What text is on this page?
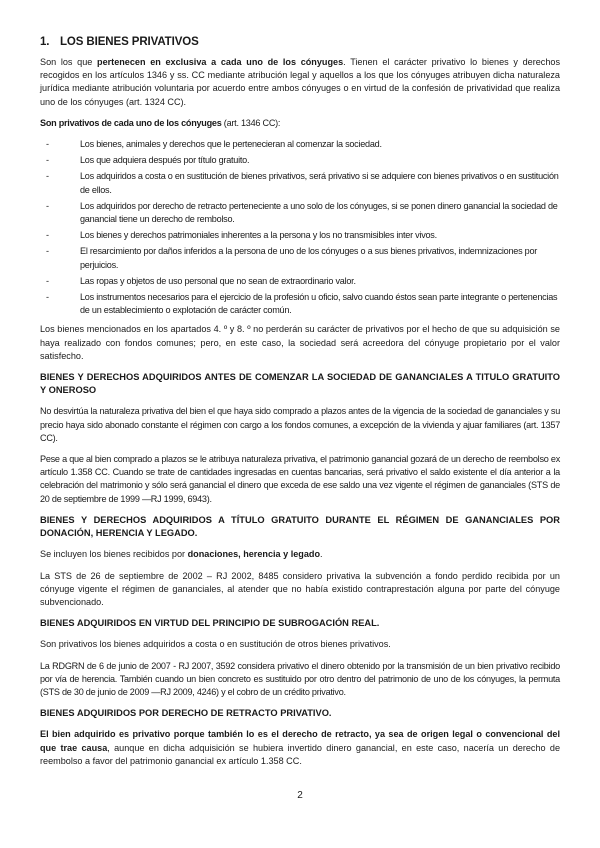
1. LOS BIENES PRIVATIVOS

Son los que pertenecen en exclusiva a cada uno de los cónyuges. Tienen el carácter privativo lo bienes y derechos recogidos en los artículos 1346 y ss. CC mediante atribución legal y aquellos a los que los cónyuges atribuyen dicha naturaleza jurídica mediante atribución voluntaria por acuerdo entre ambos cónyuges o en virtud de la confesión de privatividad que realiza uno de los cónyuges (art. 1324 CC).

Son privativos de cada uno de los cónyuges (art. 1346 CC):

-	Los bienes, animales y derechos que le pertenecieran al comenzar la sociedad.
-	Los que adquiera después por título gratuito.
-	Los adquiridos a costa o en sustitución de bienes privativos, será privativo si se adquiere con bienes privativos o en sustitución de ellos.
-	Los adquiridos por derecho de retracto perteneciente a uno solo de los cónyuges, si se ponen dinero ganancial la sociedad de ganancial tiene un derecho de rembolso.
-	Los bienes y derechos patrimoniales inherentes a la persona y los no transmisibles inter vivos.
-	El resarcimiento por daños inferidos a la persona de uno de los cónyuges o a sus bienes privativos, indemnizaciones por perjuicios.
-	Las ropas y objetos de uso personal que no sean de extraordinario valor.
-	Los instrumentos necesarios para el ejercicio de la profesión u oficio, salvo cuando éstos sean parte integrante o pertenencias de un establecimiento o explotación de carácter común.

Los bienes mencionados en los apartados 4. º y 8. º no perderán su carácter de privativos por el hecho de que su adquisición se haya realizado con fondos comunes; pero, en este caso, la sociedad será acreedora del cónyuge propietario por el valor satisfecho.

BIENES Y DERECHOS ADQUIRIDOS ANTES DE COMENZAR LA SOCIEDAD DE GANANCIALES A TITULO GRATUITO Y ONEROSO

No desvirtúa la naturaleza privativa del bien el que haya sido comprado a plazos antes de la vigencia de la sociedad de gananciales y su precio haya sido abonado constante el régimen con cargo a los fondos comunes, a excepción de la vivienda y ajuar familiares (art. 1357 CC).

Pese a que al bien comprado a plazos se le atribuya naturaleza privativa, el patrimonio ganancial gozará de un derecho de reembolso ex artículo 1.358 CC. Cuando se trate de cantidades ingresadas en cuentas bancarias, será privativo el saldo existente el día anterior a la celebración del matrimonio y sólo será ganancial el dinero que exceda de ese saldo una vez vigente el régimen de gananciales (STS de 20 de septiembre de 1999 —RJ 1999, 6943).

BIENES Y DERECHOS ADQUIRIDOS A TÍTULO GRATUITO DURANTE EL RÉGIMEN DE GANANCIALES POR DONACIÓN, HERENCIA Y LEGADO.

Se incluyen los bienes recibidos por donaciones, herencia y legado.

La STS de 26 de septiembre de 2002 – RJ 2002, 8485 considero privativa la subvención a fondo perdido recibida por un cónyuge vigente el régimen de gananciales, al atender que no había existido contraprestación alguna por parte del cónyuge subvencionado.

BIENES ADQUIRIDOS EN VIRTUD DEL PRINCIPIO DE SUBROGACIÓN REAL.

Son privativos los bienes adquiridos a costa o en sustitución de otros bienes privativos.

La RDGRN de 6 de junio de 2007 - RJ 2007, 3592 considera privativo el dinero obtenido por la transmisión de un bien privativo recibido por vía de herencia. También cuando un bien concreto es sustituido por otro dentro del patrimonio de uno de los cónyuges, la permuta (STS de 30 de junio de 2009 —RJ 2009, 4246) y el cobro de un crédito privativo.

BIENES ADQUIRIDOS POR DERECHO DE RETRACTO PRIVATIVO.

El bien adquirido es privativo porque también lo es el derecho de retracto, ya sea de origen legal o convencional del que trae causa, aunque en dicha adquisición se hubiera invertido dinero ganancial, en este caso, nacería un derecho de reembolso a favor del patrimonio ganancial ex artículo 1.358 CC.

2
